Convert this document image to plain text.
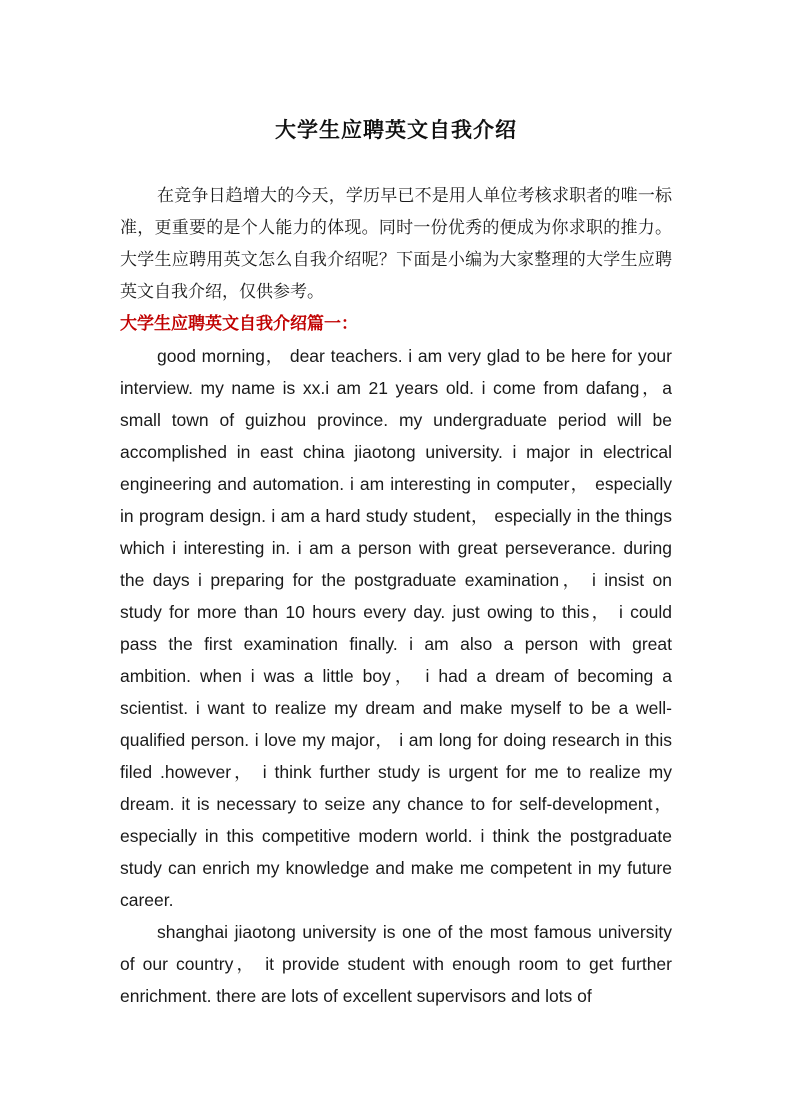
大学生应聘英文自我介绍

在竞争日趋增大的今天，学历早已不是用人单位考核求职者的唯一标准，更重要的是个人能力的体现。同时一份优秀的便成为你求职的推力。大学生应聘用英文怎么自我介绍呢？下面是小编为大家整理的大学生应聘英文自我介绍，仅供参考。

大学生应聘英文自我介绍篇一：

good morning， dear teachers. i am very glad to be here for your interview. my name is xx.i am 21 years old. i come from dafang，a small town of guizhou province. my undergraduate period will be accomplished in east china jiaotong university. i major in electrical engineering and automation. i am interesting in computer， especially in program design. i am a hard study student， especially in the things which i interesting in. i am a person with great perseverance. during the days i preparing for the postgraduate examination， i insist on study for more than 10 hours every day. just owing to this， i could pass the first examination finally. i am also a person with great ambition. when i was a little boy， i had a dream of becoming a scientist. i want to realize my dream and make myself to be a well-qualified person. i love my major， i am long for doing research in this filed .however， i think further study is urgent for me to realize my dream. it is necessary to seize any chance to for self-development， especially in this competitive modern world. i think the postgraduate study can enrich my knowledge and make me competent in my future career.

shanghai jiaotong university is one of the most famous university of our country， it provide student with enough room to get further enrichment. there are lots of excellent supervisors and lots of
